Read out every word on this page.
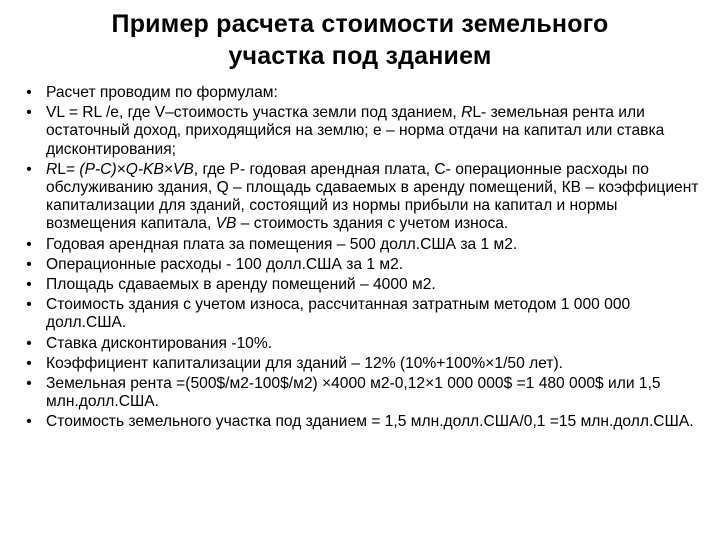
Пример расчета стоимости земельного
участка под зданием
• Расчет проводим по формулам:
• VL = RL /e, где V–стоимость участка земли под зданием, RL- земельная рента или остаточный доход, приходящийся на землю; е – норма отдачи на капитал или ставка дисконтирования;
• RL= (P-C)×Q-KB×VB, где Р- годовая арендная плата, С- операционные расходы по обслуживанию здания, Q – площадь сдаваемых в аренду помещений, КВ – коэффициент капитализации для зданий, состоящий из нормы прибыли на капитал и нормы возмещения капитала, VB – стоимость здания с учетом износа.
• Годовая арендная плата за помещения – 500 долл.США за 1 м2.
• Операционные расходы - 100 долл.США за 1 м2.
• Площадь сдаваемых в аренду помещений – 4000 м2.
• Стоимость здания с учетом износа, рассчитанная затратным методом 1 000 000 долл.США.
• Ставка дисконтирования -10%.
• Коэффициент капитализации для зданий – 12% (10%+100%×1/50 лет).
• Земельная рента =(500$/м2-100$/м2) ×4000 м2-0,12×1 000 000$ =1 480 000$ или 1,5 млн.долл.США.
• Стоимость земельного участка под зданием = 1,5 млн.долл.США/0,1 =15 млн.долл.США.
